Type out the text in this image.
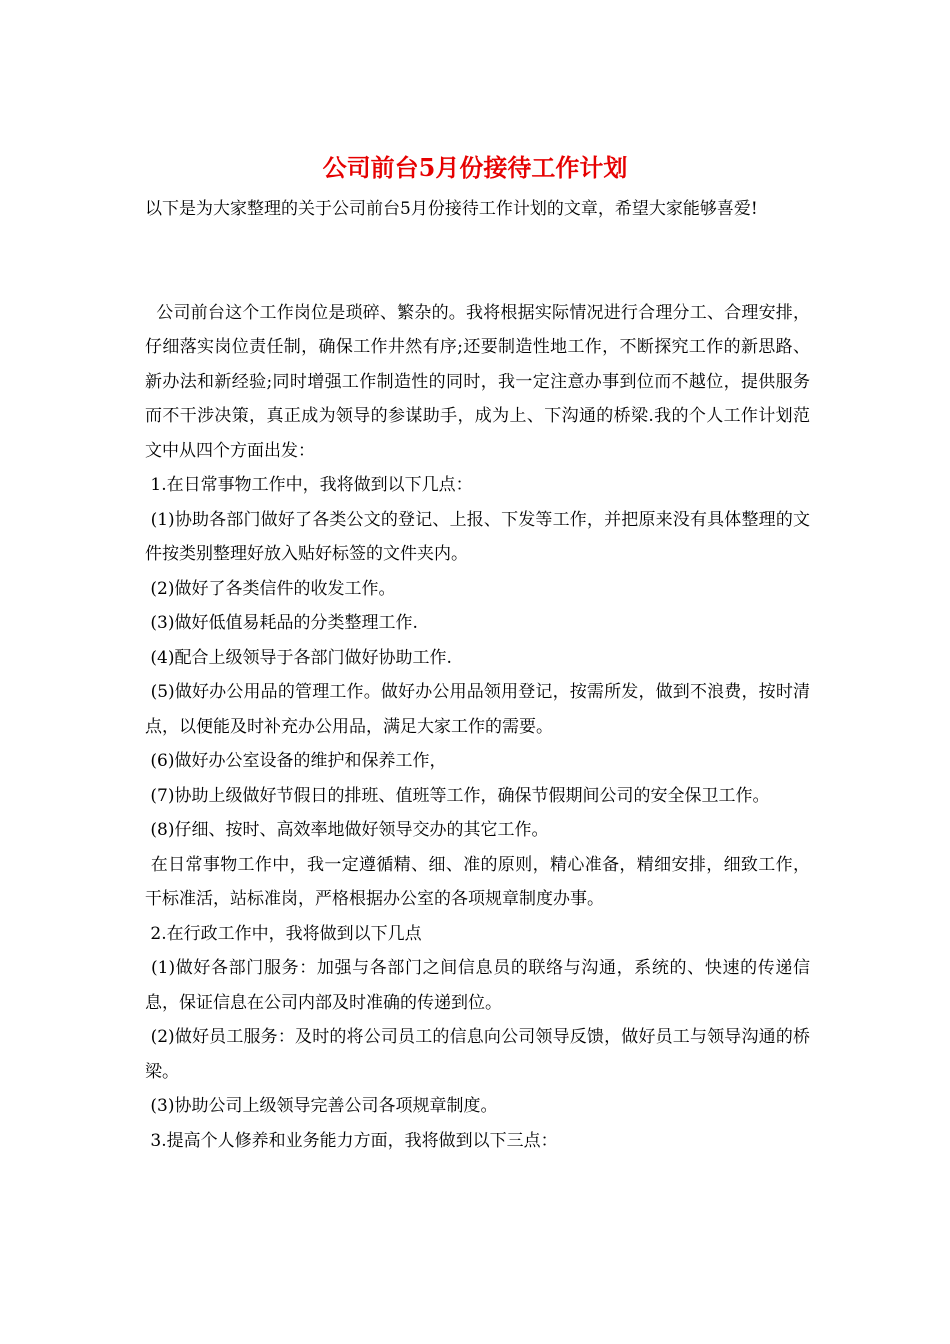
公司前台5月份接待工作计划

以下是为大家整理的关于公司前台5月份接待工作计划的文章，希望大家能够喜爱!

公司前台这个工作岗位是琐碎、繁杂的。我将根据实际情况进行合理分工、合理安排，仔细落实岗位责任制，确保工作井然有序;还要制造性地工作，不断探究工作的新思路、新办法和新经验;同时增强工作制造性的同时，我一定注意办事到位而不越位，提供服务而不干涉决策，真正成为领导的参谋助手，成为上、下沟通的桥梁.我的个人工作计划范文中从四个方面出发：

1.在日常事物工作中，我将做到以下几点：

(1)协助各部门做好了各类公文的登记、上报、下发等工作，并把原来没有具体整理的文件按类别整理好放入贴好标签的文件夹内。

(2)做好了各类信件的收发工作。

(3)做好低值易耗品的分类整理工作.

(4)配合上级领导于各部门做好协助工作.

(5)做好办公用品的管理工作。做好办公用品领用登记，按需所发，做到不浪费，按时清点，以便能及时补充办公用品，满足大家工作的需要。

(6)做好办公室设备的维护和保养工作，

(7)协助上级做好节假日的排班、值班等工作，确保节假期间公司的安全保卫工作。

(8)仔细、按时、高效率地做好领导交办的其它工作。

在日常事物工作中，我一定遵循精、细、准的原则，精心准备，精细安排，细致工作，干标准活，站标准岗，严格根据办公室的各项规章制度办事。

2.在行政工作中，我将做到以下几点

(1)做好各部门服务：加强与各部门之间信息员的联络与沟通，系统的、快速的传递信息，保证信息在公司内部及时准确的传递到位。

(2)做好员工服务：及时的将公司员工的信息向公司领导反馈，做好员工与领导沟通的桥梁。

(3)协助公司上级领导完善公司各项规章制度。

3.提高个人修养和业务能力方面，我将做到以下三点：
